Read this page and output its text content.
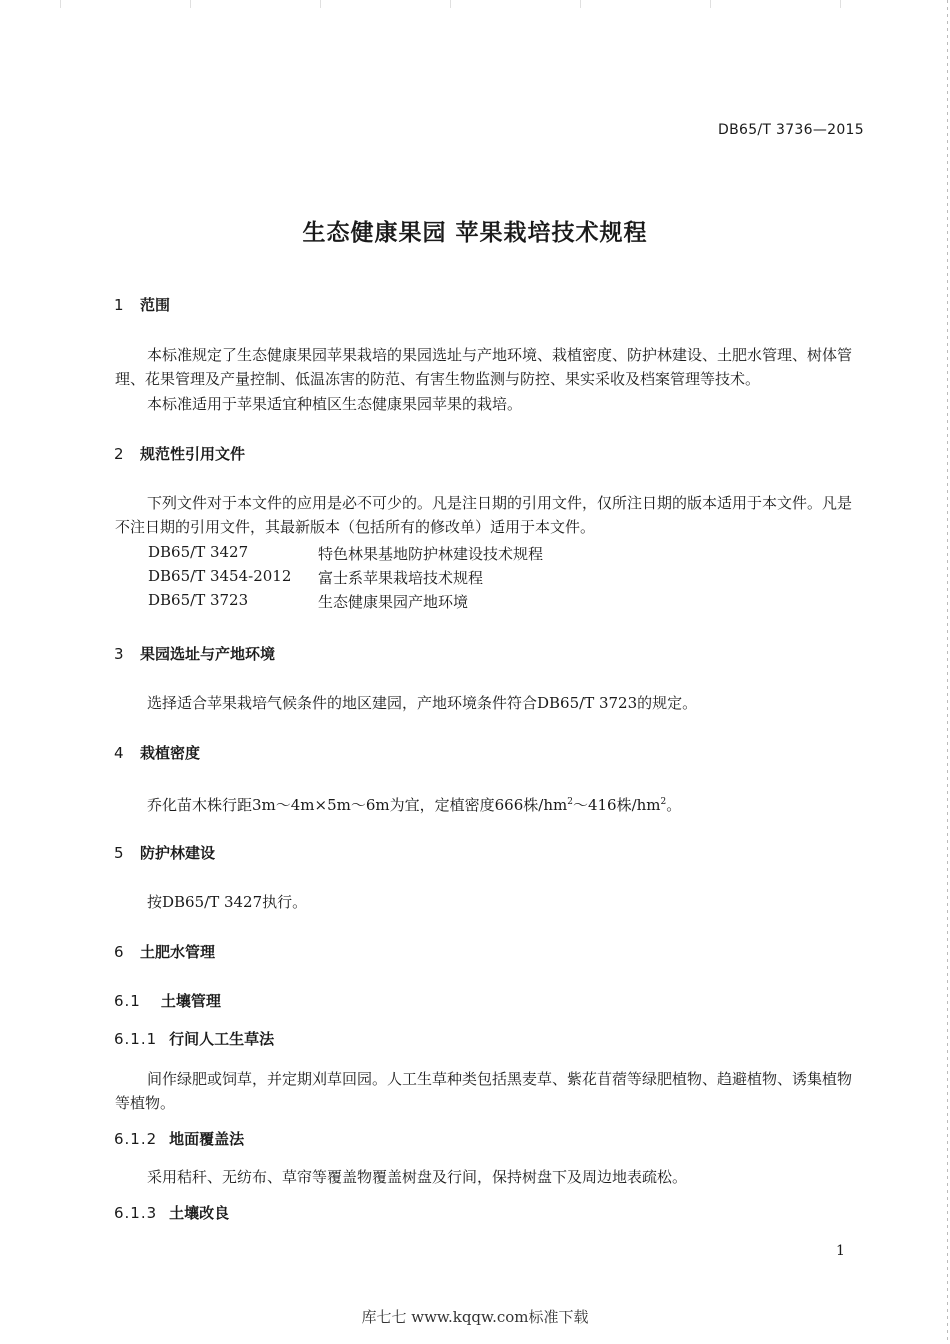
DB65/T 3736—2015
生态健康果园 苹果栽培技术规程
1 范围
本标准规定了生态健康果园苹果栽培的果园选址与产地环境、栽植密度、防护林建设、土肥水管理、树体管理、花果管理及产量控制、低温冻害的防范、有害生物监测与防控、果实采收及档案管理等技术。
本标准适用于苹果适宜种植区生态健康果园苹果的栽培。
2 规范性引用文件
下列文件对于本文件的应用是必不可少的。凡是注日期的引用文件，仅所注日期的版本适用于本文件。凡是不注日期的引用文件，其最新版本（包括所有的修改单）适用于本文件。
DB65/T 3427	特色林果基地防护林建设技术规程
DB65/T 3454-2012 富士系苹果栽培技术规程
DB65/T 3723	生态健康果园产地环境
3 果园选址与产地环境
选择适合苹果栽培气候条件的地区建园，产地环境条件符合DB65/T 3723的规定。
4 栽植密度
乔化苗木株行距3m～4m×5m～6m为宜，定植密度666株$/hm^2\sim 416$株$/hm^2$。
5 防护林建设
按DB65/T 3427执行。
6 土肥水管理
6.1 土壤管理
6.1.1 行间人工生草法
间作绿肥或饲草，并定期刈草回园。人工生草种类包括黑麦草、紫花苜蓿等绿肥植物、趋避植物、诱集植物等植物。
6.1.2 地面覆盖法
采用秸秆、无纺布、草帘等覆盖物覆盖树盘及行间，保持树盘下及周边地表疏松。
6.1.3 土壤改良
1
库七七 www.kqqw.com标准下载
